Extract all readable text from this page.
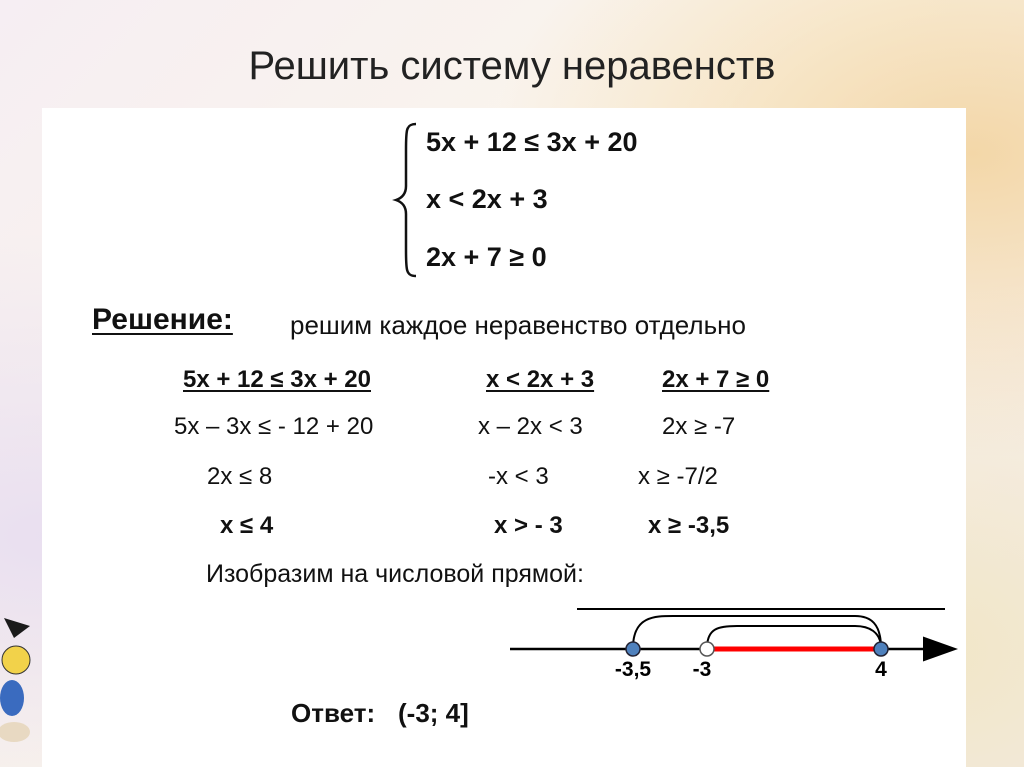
Решить систему неравенств
5x + 12 ≤ 3x + 20
x < 2x + 3
2x + 7 ≥ 0
Решение: решим каждое неравенство отдельно
5x + 12 ≤ 3x + 20
5x – 3x ≤ - 12 + 20
2x ≤ 8
x ≤ 4
x < 2x + 3
x – 2x < 3
-x < 3
x > - 3
2x + 7 ≥ 0
2x ≥ -7
x ≥ -7/2
x ≥ -3,5
Изобразим на числовой прямой:
-3,5 -3	4
Ответ: (-3; 4]
